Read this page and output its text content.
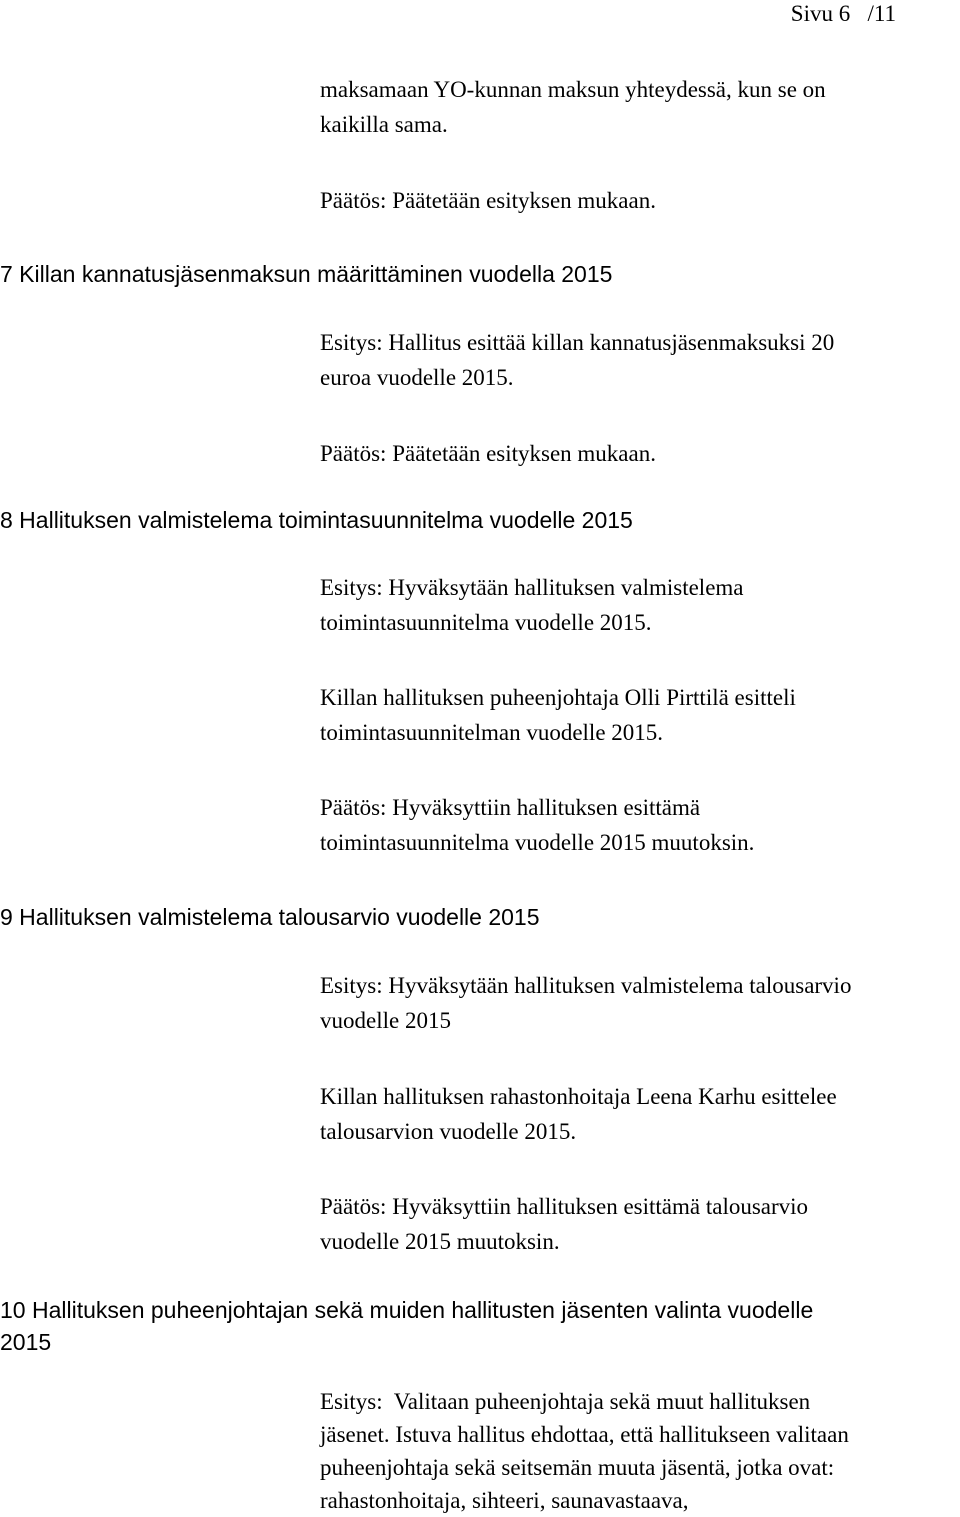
Sivu 6   /11
maksamaan YO-kunnan maksun yhteydessä, kun se on
kaikilla sama.
Päätös: Päätetään esityksen mukaan.
7 Killan kannatusjäsenmaksun määrittäminen vuodella 2015
Esitys: Hallitus esittää killan kannatusjäsenmaksuksi 20
euroa vuodelle 2015.
Päätös: Päätetään esityksen mukaan.
8 Hallituksen valmistelema toimintasuunnitelma vuodelle 2015
Esitys: Hyväksytään hallituksen valmistelema
toimintasuunnitelma vuodelle 2015.
Killan hallituksen puheenjohtaja Olli Pirttilä esitteli
toimintasuunnitelman vuodelle 2015.
Päätös: Hyväksyttiin hallituksen esittämä
toimintasuunnitelma vuodelle 2015 muutoksin.
9 Hallituksen valmistelema talousarvio vuodelle 2015
Esitys: Hyväksytään hallituksen valmistelema talousarvio
vuodelle 2015
Killan hallituksen rahastonhoitaja Leena Karhu esittelee
talousarvion vuodelle 2015.
Päätös: Hyväksyttiin hallituksen esittämä talousarvio
vuodelle 2015 muutoksin.
10 Hallituksen puheenjohtajan sekä muiden hallitusten jäsenten valinta vuodelle
2015
Esitys:  Valitaan puheenjohtaja sekä muut hallituksen
jäsenet. Istuva hallitus ehdottaa, että hallitukseen valitaan
puheenjohtaja sekä seitsemän muuta jäsentä, jotka ovat:
rahastonhoitaja, sihteeri, saunavastaava,
